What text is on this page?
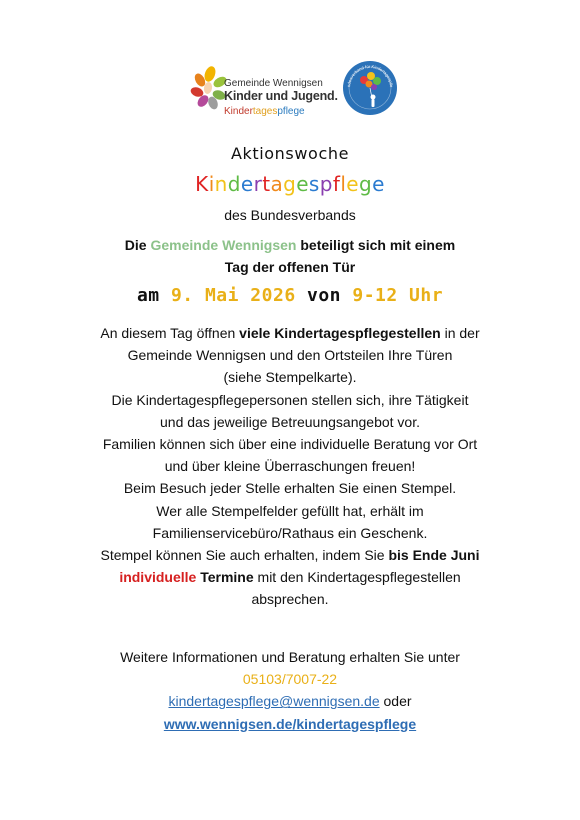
Gemeinde Wennigsen
Kinder und Jugend.
Kindertagespflege
ndesverband für Kindertagespfle
Aktionswoche
Kindertagespflege
des Bundesverbands
Die Gemeinde Wennigsen beteiligt sich mit einem
Tag der offenen Tür
am 9. Mai 2026 von 9-12 Uhr
An diesem Tag öffnen viele Kindertagespflegestellen in der
Gemeinde Wennigsen und den Ortsteilen Ihre Türen
(siehe Stempelkarte).
Die Kindertagespflegepersonen stellen sich, ihre Tätigkeit
und das jeweilige Betreuungsangebot vor.
Familien können sich über eine individuelle Beratung vor Ort
und über kleine Überraschungen freuen!
Beim Besuch jeder Stelle erhalten Sie einen Stempel.
Wer alle Stempelfelder gefüllt hat, erhält im
Familienservicebüro/Rathaus ein Geschenk.
Stempel können Sie auch erhalten, indem Sie bis Ende Juni
individuelle Termine mit den Kindertagespflegestellen
absprechen.
Weitere Informationen und Beratung erhalten Sie unter
05103/7007-22
kindertagespflege@wennigsen.de oder
www.wennigsen.de/kindertagespflege
